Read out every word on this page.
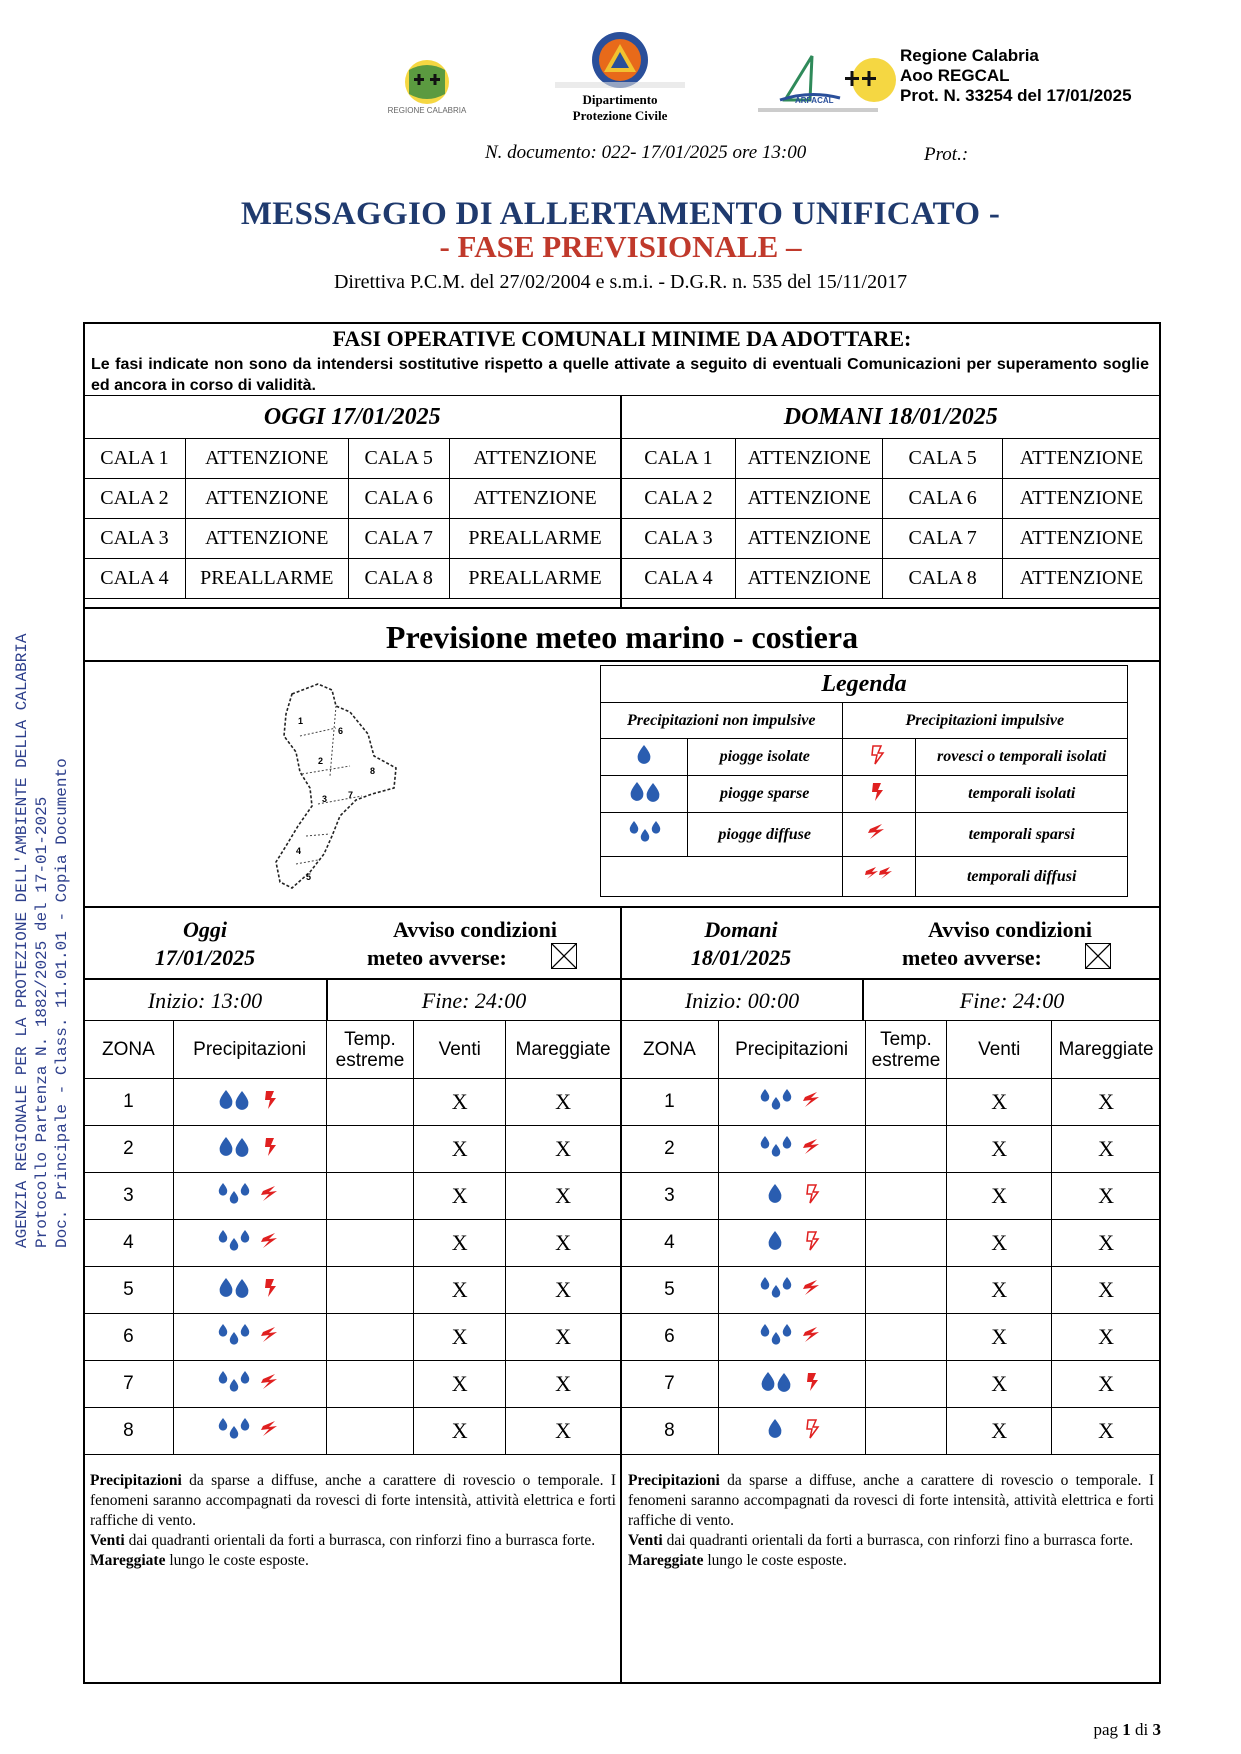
REGIONE CALABRIA
Dipartimento
Protezione Civile
ARPACAL
Regione Calabria
Aoo REGCAL
Prot. N. 33254 del 17/01/2025
N. documento: 022- 17/01/2025 ore 13:00	Prot.:
MESSAGGIO DI ALLERTAMENTO UNIFICATO -
- FASE PREVISIONALE –
Direttiva P.C.M. del 27/02/2004 e s.m.i. - D.G.R. n. 535 del 15/11/2017
AGENZIA REGIONALE PER LA PROTEZIONE DELL'AMBIENTE DELLA CALABRIA Protocollo Partenza N. 1882/2025 del 17-01-2025 Doc. Principale - Class. 11.01.01 - Copia Documento
FASI OPERATIVE COMUNALI MINIME DA ADOTTARE:
Le fasi indicate non sono da intendersi sostitutive rispetto a quelle attivate a seguito di eventuali Comunicazioni per superamento soglie ed ancora in corso di validità.
OGGI 17/01/2025				DOMANI 18/01/2025			
CALA 1	ATTENZIONE	CALA 5	ATTENZIONE	CALA 1	ATTENZIONE	CALA 5	ATTENZIONE
CALA 2	ATTENZIONE	CALA 6	ATTENZIONE	CALA 2	ATTENZIONE	CALA 6	ATTENZIONE
CALA 3	ATTENZIONE	CALA 7	PREALLARME	CALA 3	ATTENZIONE	CALA 7	ATTENZIONE
CALA 4	PREALLARME	CALA 8	PREALLARME	CALA 4	ATTENZIONE	CALA 8	ATTENZIONE
Previsione meteo marino - costiera
1
2
3
4
5
6
7
8
Legenda			
Precipitazioni non impulsive		Precipitazioni impulsive	
	piogge isolate		rovesci o temporali isolati
	piogge sparse		temporali isolati
	piogge diffuse		temporali sparsi
		temporali diffusi
Oggi
17/01/2025
Avviso condizioni
meteo avverse:
Domani
18/01/2025
Avviso condizioni
meteo avverse:
Inizio: 13:00	Fine: 24:00	Inizio: 00:00	Fine: 24:00
ZONA	Precipitazioni	Temp. estreme	Venti	Mareggiate
1			X	X
2			X	X
3			X	X
4			X	X
5			X	X
6			X	X
7			X	X
8			X	X
ZONA	Precipitazioni	Temp. estreme	Venti	Mareggiate
1			X	X
2			X	X
3			X	X
4			X	X
5			X	X
6			X	X
7			X	X
8			X	X
Precipitazioni da sparse a diffuse, anche a carattere di rovescio o temporale. I fenomeni saranno accompagnati da rovesci di forte intensità, attività elettrica e forti raffiche di vento.
Venti dai quadranti orientali da forti a burrasca, con rinforzi fino a burrasca forte.
Mareggiate lungo le coste esposte.
Precipitazioni da sparse a diffuse, anche a carattere di rovescio o temporale. I fenomeni saranno accompagnati da rovesci di forte intensità, attività elettrica e forti raffiche di vento.
Venti dai quadranti orientali da forti a burrasca, con rinforzi fino a burrasca forte.
Mareggiate lungo le coste esposte.
pag 1 di 3
